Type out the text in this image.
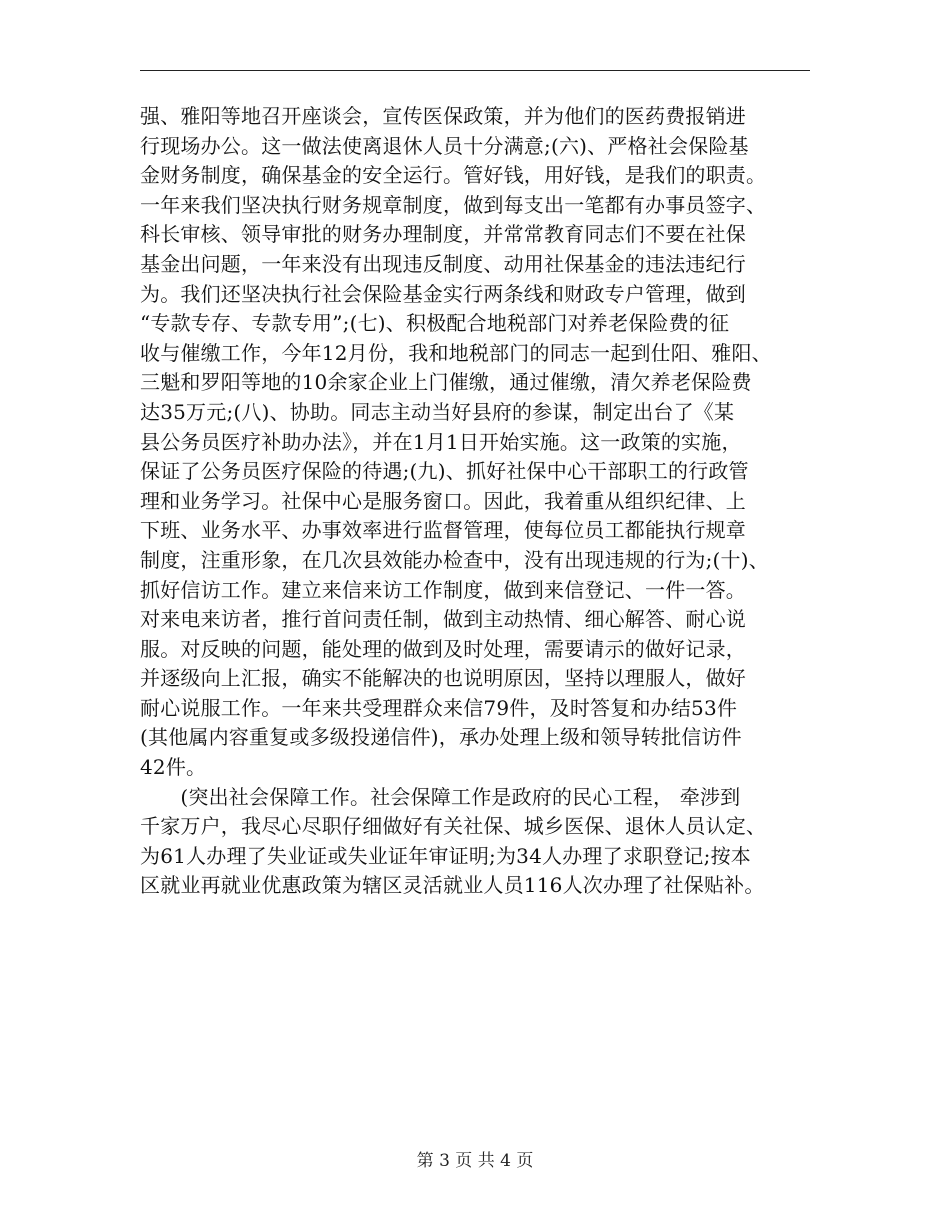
强、雅阳等地召开座谈会，宣传医保政策，并为他们的医药费报销进
行现场办公。这一做法使离退休人员十分满意;(六)、严格社会保险基
金财务制度，确保基金的安全运行。管好钱，用好钱，是我们的职责。
一年来我们坚决执行财务规章制度，做到每支出一笔都有办事员签字、
科长审核、领导审批的财务办理制度，并常常教育同志们不要在社保
基金出问题，一年来没有出现违反制度、动用社保基金的违法违纪行
为。我们还坚决执行社会保险基金实行两条线和财政专户管理，做到
“专款专存、专款专用”;(七)、积极配合地税部门对养老保险费的征
收与催缴工作，今年12月份，我和地税部门的同志一起到仕阳、雅阳、
三魁和罗阳等地的10余家企业上门催缴，通过催缴，清欠养老保险费
达35万元;(八)、协助。同志主动当好县府的参谋，制定出台了《某
县公务员医疗补助办法》，并在1月1日开始实施。这一政策的实施，
保证了公务员医疗保险的待遇;(九)、抓好社保中心干部职工的行政管
理和业务学习。社保中心是服务窗口。因此，我着重从组织纪律、上
下班、业务水平、办事效率进行监督管理，使每位员工都能执行规章
制度，注重形象，在几次县效能办检查中，没有出现违规的行为;(十)、
抓好信访工作。建立来信来访工作制度，做到来信登记、一件一答。
对来电来访者，推行首问责任制，做到主动热情、细心解答、耐心说
服。对反映的问题，能处理的做到及时处理，需要请示的做好记录，
并逐级向上汇报，确实不能解决的也说明原因，坚持以理服人，做好
耐心说服工作。一年来共受理群众来信79件，及时答复和办结53件
(其他属内容重复或多级投递信件)，承办处理上级和领导转批信访件
42件。
　　(突出社会保障工作。社会保障工作是政府的民心工程， 牵涉到
千家万户，我尽心尽职仔细做好有关社保、城乡医保、退休人员认定、
为61人办理了失业证或失业证年审证明;为34人办理了求职登记;按本
区就业再就业优惠政策为辖区灵活就业人员116人次办理了社保贴补。
第 3 页 共 4 页
